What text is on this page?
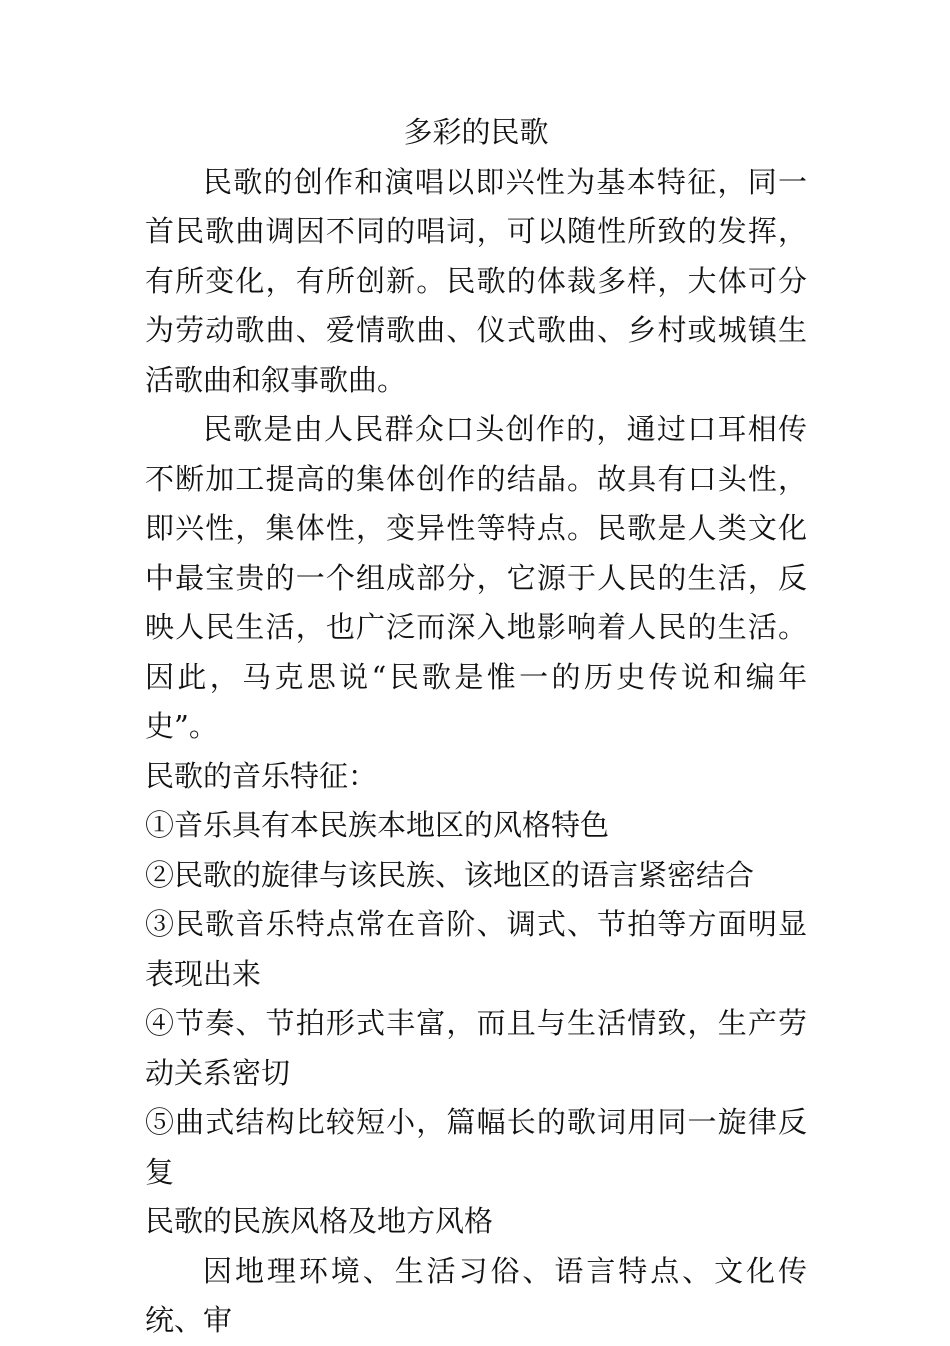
多彩的民歌

民歌的创作和演唱以即兴性为基本特征，同一首民歌曲调因不同的唱词，可以随性所致的发挥，有所变化，有所创新。民歌的体裁多样，大体可分为劳动歌曲、爱情歌曲、仪式歌曲、乡村或城镇生活歌曲和叙事歌曲。

民歌是由人民群众口头创作的，通过口耳相传不断加工提高的集体创作的结晶。故具有口头性，即兴性，集体性，变异性等特点。民歌是人类文化中最宝贵的一个组成部分，它源于人民的生活，反映人民生活，也广泛而深入地影响着人民的生活。因此，马克思说“民歌是惟一的历史传说和编年史”。

民歌的音乐特征：

①音乐具有本民族本地区的风格特色

②民歌的旋律与该民族、该地区的语言紧密结合

③民歌音乐特点常在音阶、调式、节拍等方面明显表现出来

④节奏、节拍形式丰富，而且与生活情致，生产劳动关系密切

⑤曲式结构比较短小，篇幅长的歌词用同一旋律反复

民歌的民族风格及地方风格

因地理环境、生活习俗、语言特点、文化传统、审
